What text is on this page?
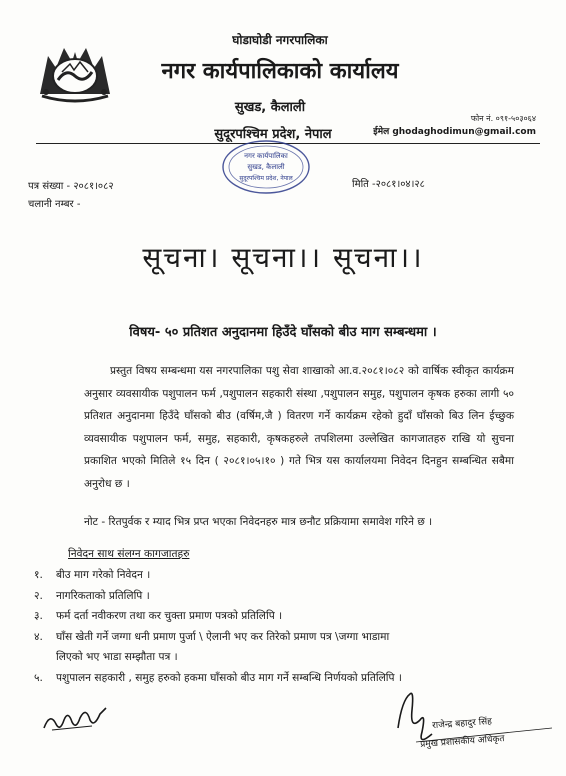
घोडाघोडी नगरपालिका
नगर कार्यपालिकाको कार्यालय
सुखड, कैलाली
सुदूरपश्चिम प्रदेश, नेपाल
फोन नं. ०९१-५०३०६४
ईमेल ghodaghodimun@gmail.com
नगर कार्यपालिका
सुखड, कैलाली
सुदूरपश्चिम प्रदेश, नेपाल
पत्र संख्या - २०८१।०८२
चलानी नम्बर -
मिति -२०८१।०४।२८
सूचना। सूचना।। सूचना।।
विषय- ५० प्रतिशत अनुदानमा हिउँदे घाँसको बीउ माग सम्बन्धमा ।
प्रस्तुत विषय सम्बन्धमा यस नगरपालिका पशु सेवा शाखाको आ.व.२०८१।०८२ को वार्षिक स्वीकृत कार्यक्रम अनुसार व्यवसायीक पशुपालन फर्म ,पशुपालन सहकारी संस्था ,पशुपालन समुह, पशुपालन कृषक हरुका लागी ५० प्रतिशत अनुदानमा हिउँदे घाँसको बीउ (वर्षिम,जै ) वितरण गर्ने कार्यक्रम रहेको हुदाँ घाँसको बिउ लिन ईच्छुक व्यवसायीक पशुपालन फर्म, समुह, सहकारी, कृषकहरुले तपशिलमा उल्लेखित कागजातहरु राखि यो सुचना प्रकाशित भएको मितिले १५ दिन ( २०८१।०५।१० ) गते भित्र यस कार्यालयमा निवेदन दिनहुन सम्बन्धित सबैमा अनुरोध छ ।
नोट - रितपुर्वक र म्याद भित्र प्रप्त भएका निवेदनहरु मात्र छनौट प्रक्रियामा समावेश गरिने छ ।
निवेदन साथ संलग्न कागजातहरु
१. बीउ माग गरेको निवेदन ।
२. नागरिकताको प्रतिलिपि ।
३. फर्म दर्ता नवीकरण तथा कर चुक्ता प्रमाण पत्रको प्रतिलिपि ।
४. घाँस खेती गर्ने जग्गा धनी प्रमाण पुर्जा \ ऐलानी भए कर तिरेको प्रमाण पत्र \जग्गा भाडामा
लिएको भए भाडा सम्झौता पत्र ।
५. पशुपालन सहकारी , समुह हरुको हकमा घाँसको बीउ माग गर्ने सम्बन्धि निर्णयको प्रतिलिपि ।
राजेन्द्र बहादुर सिंह
प्रमुख प्रशासकीय अधिकृत
